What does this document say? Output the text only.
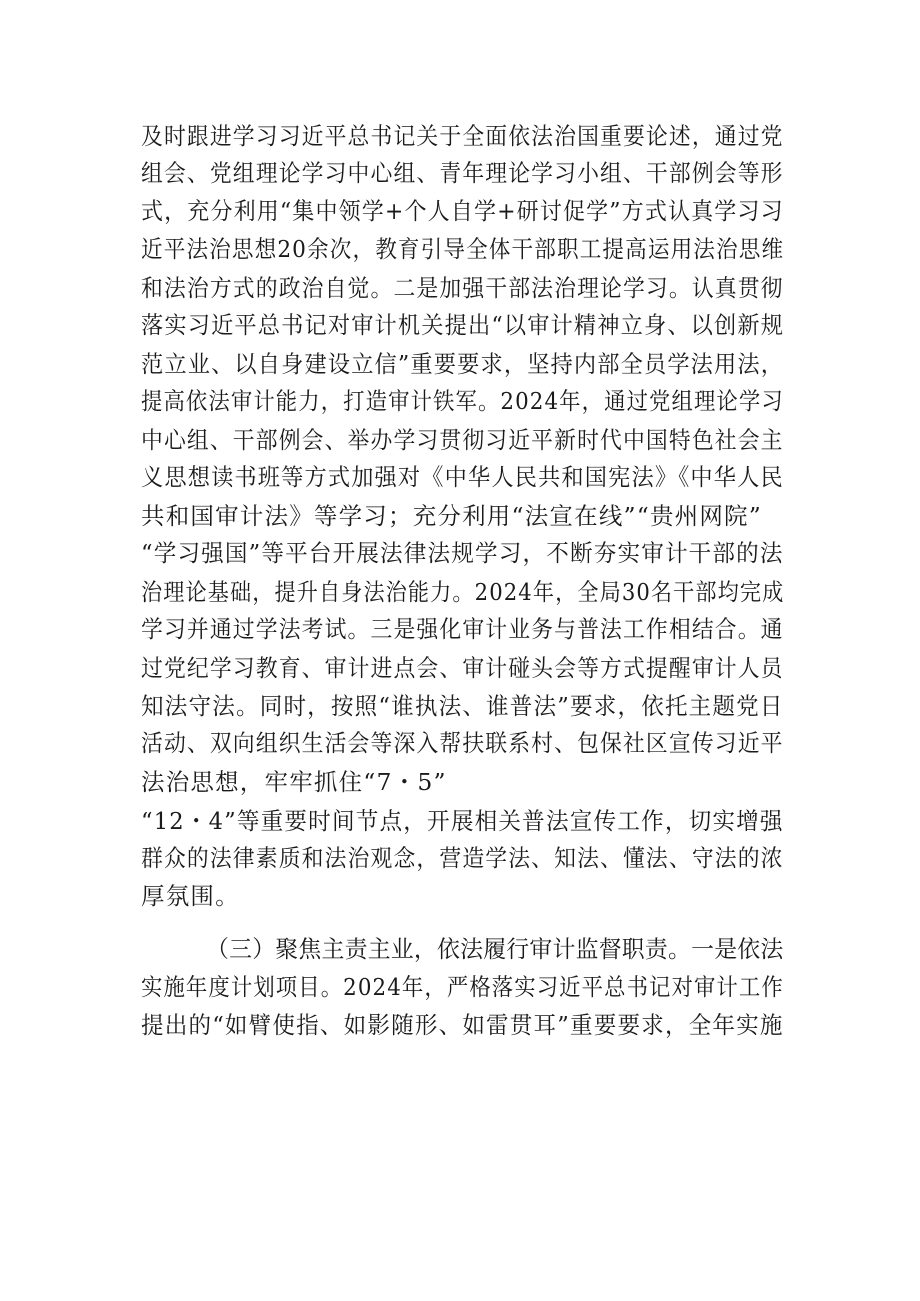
及时跟进学习习近平总书记关于全面依法治国重要论述，通过党
组会、党组理论学习中心组、青年理论学习小组、干部例会等形
式，充分利用“集中领学+个人自学+研讨促学”方式认真学习习
近平法治思想20余次，教育引导全体干部职工提高运用法治思维
和法治方式的政治自觉。二是加强干部法治理论学习。认真贯彻
落实习近平总书记对审计机关提出“以审计精神立身、以创新规
范立业、以自身建设立信”重要要求，坚持内部全员学法用法，
提高依法审计能力，打造审计铁军。2024年，通过党组理论学习
中心组、干部例会、举办学习贯彻习近平新时代中国特色社会主
义思想读书班等方式加强对《中华人民共和国宪法》《中华人民
共和国审计法》等学习；充分利用“法宣在线”“贵州网院”
“学习强国”等平台开展法律法规学习，不断夯实审计干部的法
治理论基础，提升自身法治能力。2024年，全局30名干部均完成
学习并通过学法考试。三是强化审计业务与普法工作相结合。通
过党纪学习教育、审计进点会、审计碰头会等方式提醒审计人员
知法守法。同时，按照“谁执法、谁普法”要求，依托主题党日
活动、双向组织生活会等深入帮扶联系村、包保社区宣传习近平
法治思想，牢牢抓住“7・5”
“12・4”等重要时间节点，开展相关普法宣传工作，切实增强
群众的法律素质和法治观念，营造学法、知法、懂法、守法的浓
厚氛围。
（三）聚焦主责主业，依法履行审计监督职责。一是依法
实施年度计划项目。2024年，严格落实习近平总书记对审计工作
提出的“如臂使指、如影随形、如雷贯耳”重要要求，全年实施
